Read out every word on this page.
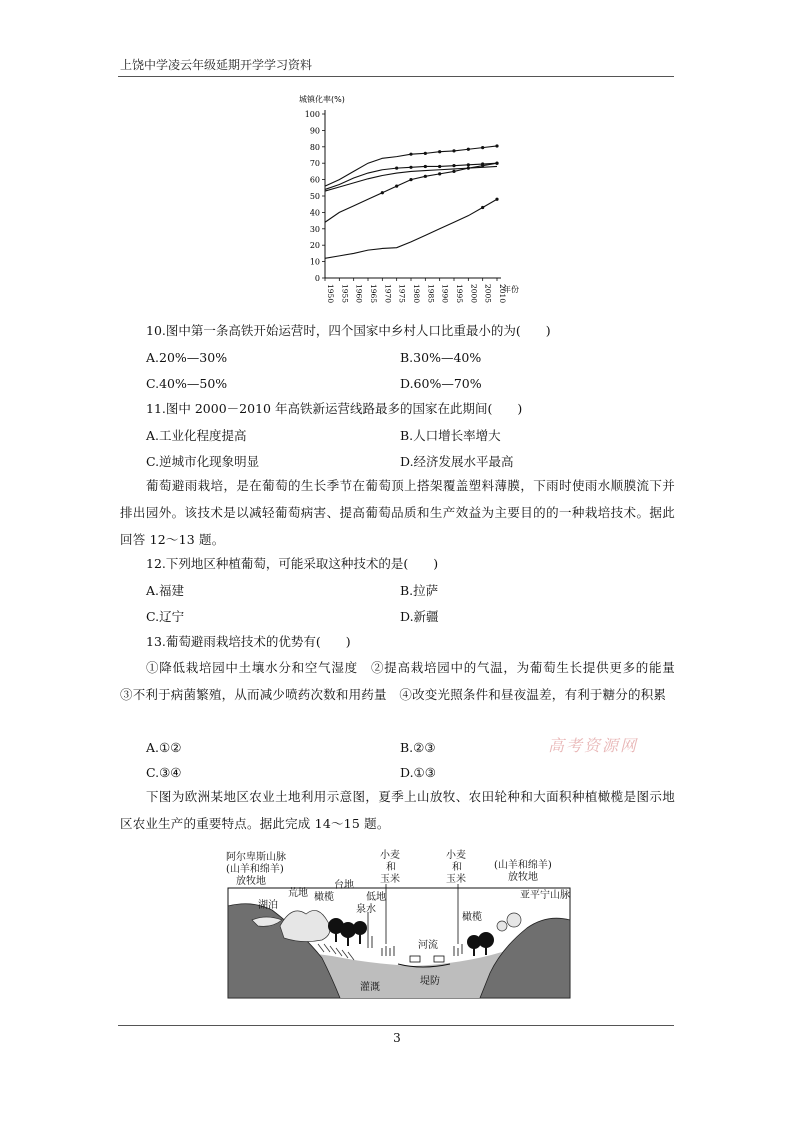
上饶中学凌云年级延期开学学习资料
城镇化率(%)
年份
0
10
20
30
40
50
60
70
80
90
100
1950 1955 1960 1965 1970 1975 1980 1985 1990 1995 2000 2005 2010
10.图中第一条高铁开始运营时，四个国家中乡村人口比重最小的为(　　)
A.20%—30%	B.30%—40%
C.40%—50%	D.60%—70%
11.图中 2000－2010 年高铁新运营线路最多的国家在此期间(　　)
A.工业化程度提高	B.人口增长率增大
C.逆城市化现象明显	D.经济发展水平最高
葡萄避雨栽培，是在葡萄的生长季节在葡萄顶上搭架覆盖塑料薄膜，下雨时使雨水顺膜流下并排出园外。该技术是以减轻葡萄病害、提高葡萄品质和生产效益为主要目的的一种栽培技术。据此回答 12～13 题。
12.下列地区种植葡萄，可能采取这种技术的是(　　)
A.福建	B.拉萨
C.辽宁	D.新疆
13.葡萄避雨栽培技术的优势有(　　)
①降低栽培园中土壤水分和空气湿度　②提高栽培园中的气温，为葡萄生长提供更多的能量　③不利于病菌繁殖，从而减少喷药次数和用药量　④改变光照条件和昼夜温差，有利于糖分的积累
A.①②	B.②③
C.③④	D.①③
高考资源网
下图为欧洲某地区农业土地利用示意图，夏季上山放牧、农田轮种和大面积种植橄榄是图示地区农业生产的重要特点。据此完成 14～15 题。
阿尔卑斯山脉
(山羊和绵羊)
放牧地
湖泊
荒地 橄榄
台地
低地
泉水
小麦
和
玉米
小麦
和
玉米
(山羊和绵羊)
放牧地
亚平宁山脉
橄榄
河流
灌溉
堤防
3
